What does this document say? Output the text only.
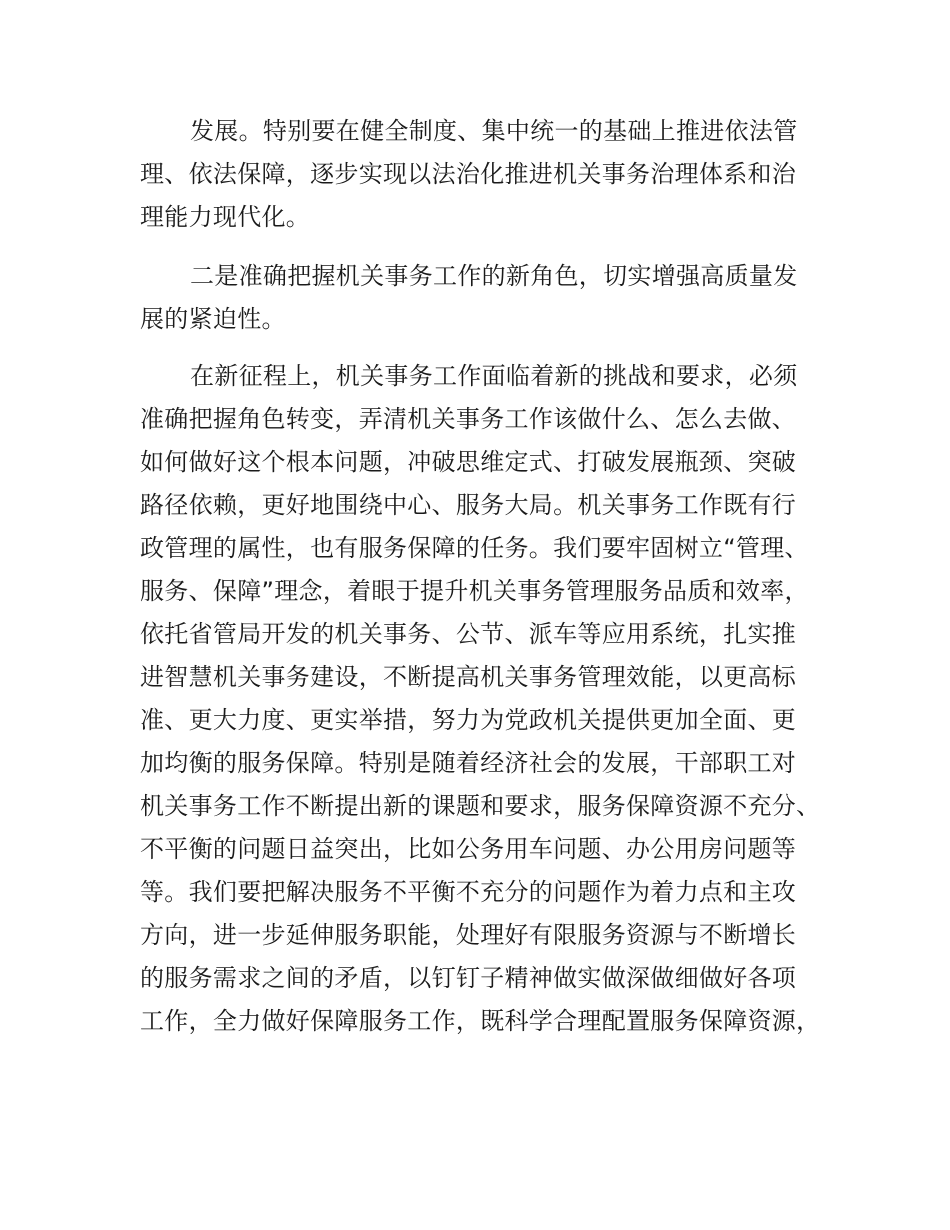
发展。特别要在健全制度、集中统一的基础上推进依法管

理、依法保障，逐步实现以法治化推进机关事务治理体系和治

理能力现代化。

二是准确把握机关事务工作的新角色，切实增强高质量发

展的紧迫性。

在新征程上，机关事务工作面临着新的挑战和要求，必须

准确把握角色转变，弄清机关事务工作该做什么、怎么去做、

如何做好这个根本问题，冲破思维定式、打破发展瓶颈、突破

路径依赖，更好地围绕中心、服务大局。机关事务工作既有行

政管理的属性，也有服务保障的任务。我们要牢固树立“管理、

服务、保障”理念，着眼于提升机关事务管理服务品质和效率，

依托省管局开发的机关事务、公节、派车等应用系统，扎实推

进智慧机关事务建设，不断提高机关事务管理效能，以更高标

准、更大力度、更实举措，努力为党政机关提供更加全面、更

加均衡的服务保障。特别是随着经济社会的发展，干部职工对

机关事务工作不断提出新的课题和要求，服务保障资源不充分、

不平衡的问题日益突出，比如公务用车问题、办公用房问题等

等。我们要把解决服务不平衡不充分的问题作为着力点和主攻

方向，进一步延伸服务职能，处理好有限服务资源与不断增长

的服务需求之间的矛盾，以钉钉子精神做实做深做细做好各项

工作，全力做好保障服务工作，既科学合理配置服务保障资源，
